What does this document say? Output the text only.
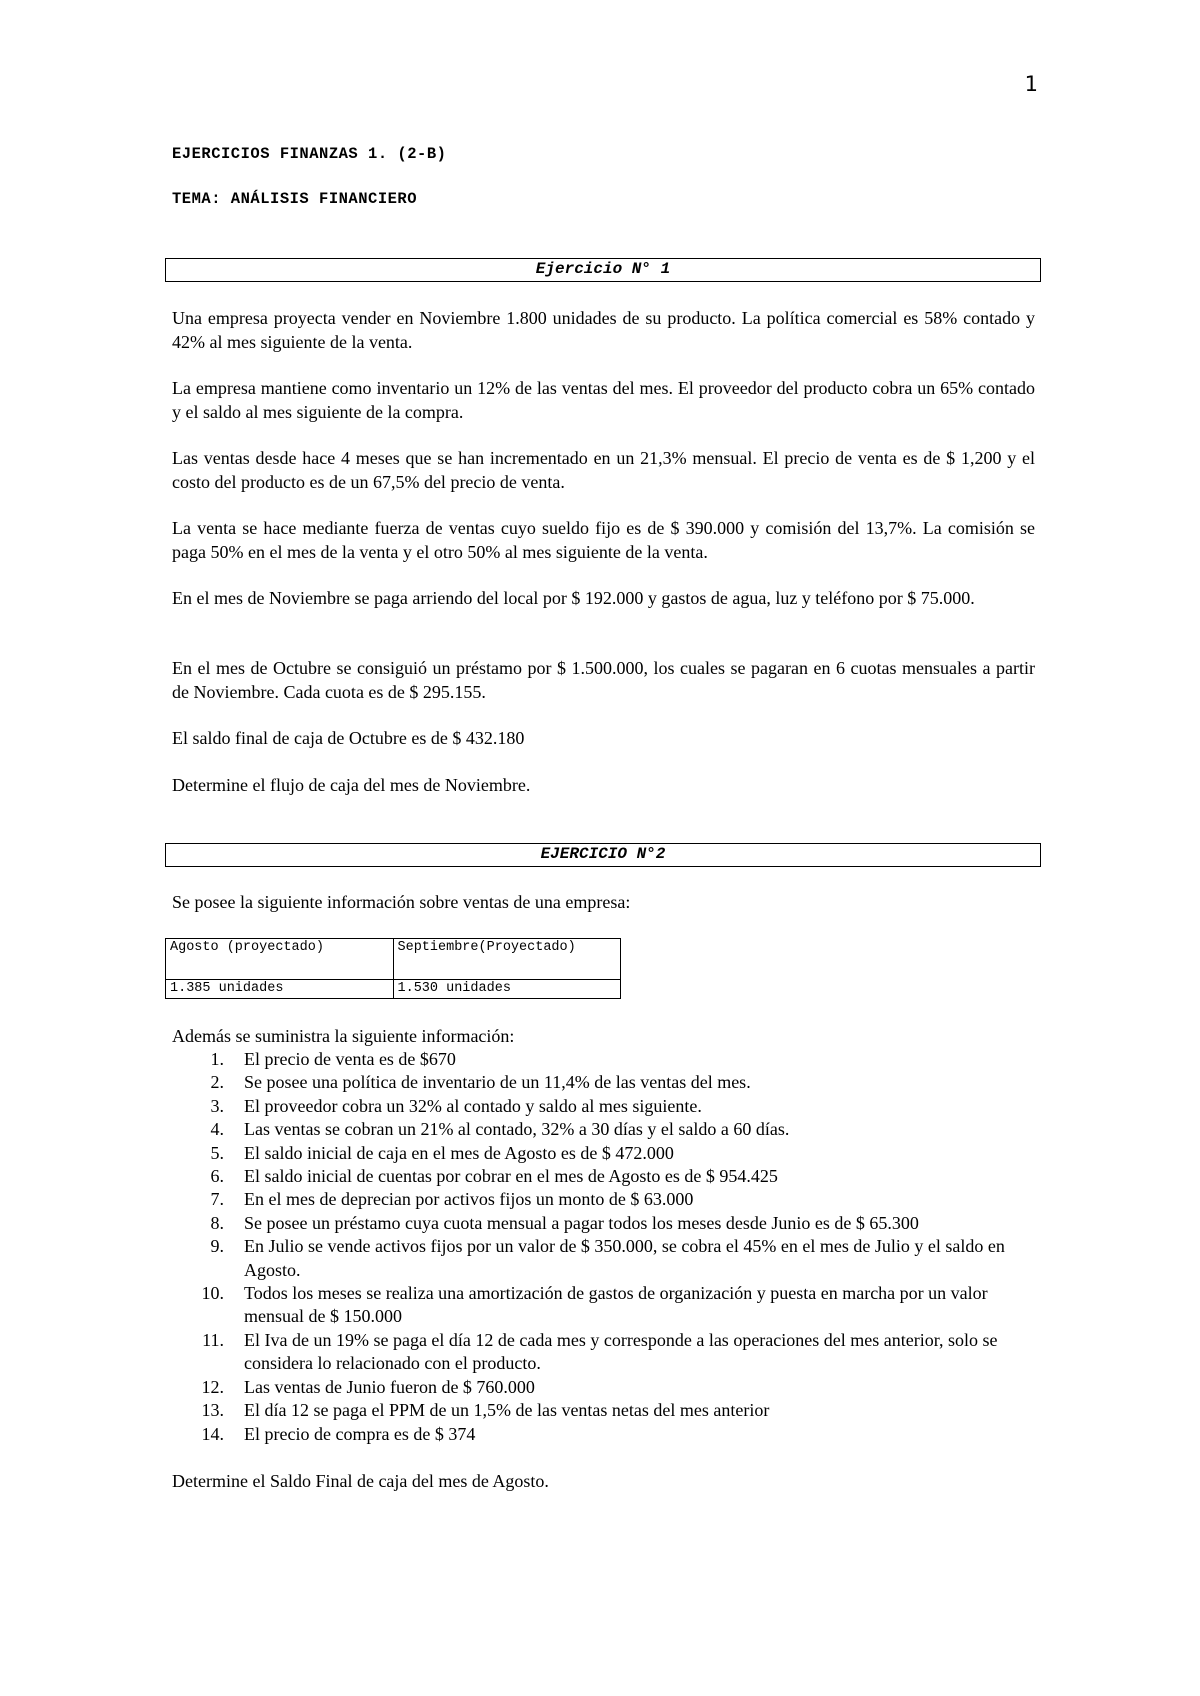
1

EJERCICIOS FINANZAS 1. (2-B)

TEMA: ANÁLISIS FINANCIERO

Ejercicio N° 1

Una empresa proyecta vender en Noviembre 1.800 unidades de su producto. La política comercial es 58% contado y 42% al mes siguiente de la venta.

La empresa mantiene como inventario un 12% de las ventas del mes. El proveedor del producto cobra un 65% contado y el saldo al mes siguiente de la compra.

Las ventas desde hace 4 meses que se han incrementado en un 21,3% mensual. El precio de venta es de $ 1,200 y el costo del producto es de un 67,5% del precio de venta.

La venta se hace mediante fuerza de ventas cuyo sueldo fijo es de $ 390.000 y comisión del 13,7%. La comisión se paga 50% en el mes de la venta y el otro 50% al mes siguiente de la venta.

En el mes de Noviembre se paga arriendo del local por $ 192.000 y gastos de agua, luz y teléfono por $ 75.000.

En el mes de Octubre se consiguió un préstamo por $ 1.500.000, los cuales se pagaran en 6 cuotas mensuales a partir de Noviembre. Cada cuota es de $ 295.155.

El saldo final de caja de Octubre es de $ 432.180

Determine el flujo de caja del mes de Noviembre.

EJERCICIO N°2

Se posee la siguiente información sobre ventas de una empresa:

Agosto (proyectado)	Septiembre(Proyectado)
1.385 unidades	1.530 unidades

Además se suministra la siguiente información:

1. El precio de venta es de $670
2. Se posee una política de inventario de un 11,4% de las ventas del mes.
3. El proveedor cobra un 32% al contado y saldo al mes siguiente.
4. Las ventas se cobran un 21% al contado, 32% a 30 días y el saldo a 60 días.
5. El saldo inicial de caja en el mes de Agosto es de $ 472.000
6. El saldo inicial de cuentas por cobrar en el mes de Agosto es de $ 954.425
7. En el mes de deprecian por activos fijos un monto de $ 63.000
8. Se posee un préstamo cuya cuota mensual a pagar todos los meses desde Junio es de $ 65.300
9. En Julio se vende activos fijos por un valor de $ 350.000, se cobra el 45% en el mes de Julio y el saldo en Agosto.
10. Todos los meses se realiza una amortización de gastos de organización y puesta en marcha por un valor mensual de $ 150.000
11. El Iva de un 19% se paga el día 12 de cada mes y corresponde a las operaciones del mes anterior, solo se considera lo relacionado con el producto.
12. Las ventas de Junio fueron de $ 760.000
13. El día 12 se paga el PPM de un 1,5% de las ventas netas del mes anterior
14. El precio de compra es de $ 374

Determine el Saldo Final de caja del mes de Agosto.
